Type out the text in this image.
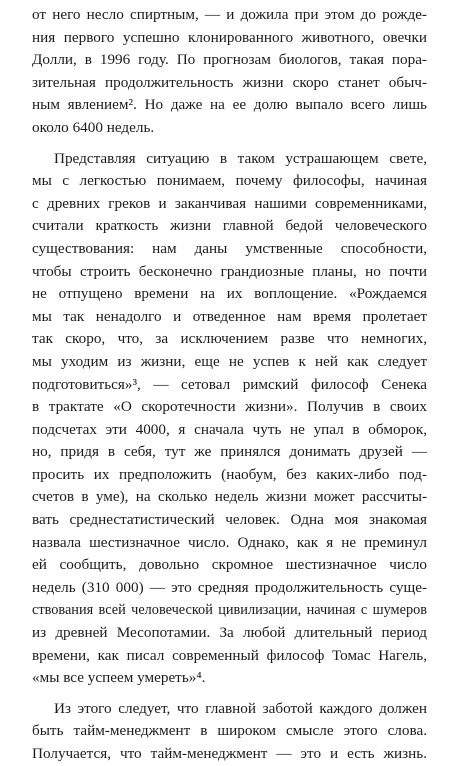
от него несло спиртным, — и дожила при этом до рожде-
ния первого успешно клонированного животного, овечки
Долли, в 1996 году. По прогнозам биологов, такая пора-
зительная продолжительность жизни скоро станет обыч-
ным явлением². Но даже на ее долю выпало всего лишь
около 6400 недель.

Представляя ситуацию в таком устрашающем свете,
мы с легкостью понимаем, почему философы, начиная
с древних греков и заканчивая нашими современниками,
считали краткость жизни главной бедой человеческого
существования: нам даны умственные способности,
чтобы строить бесконечно грандиозные планы, но почти
не отпущено времени на их воплощение. «Рождаемся
мы так ненадолго и отведенное нам время пролетает
так скоро, что, за исключением разве что немногих,
мы уходим из жизни, еще не успев к ней как следует
подготовиться»³, — сетовал римский философ Сенека
в трактате «О скоротечности жизни». Получив в своих
подсчетах эти 4000, я сначала чуть не упал в обморок,
но, придя в себя, тут же принялся донимать друзей —
просить их предположить (наобум, без каких-либо под-
счетов в уме), на сколько недель жизни может рассчиты-
вать среднестатистический человек. Одна моя знакомая
назвала шестизначное число. Однако, как я не преминул
ей сообщить, довольно скромное шестизначное число
недель (310 000) — это средняя продолжительность суще-
ствования всей человеческой цивилизации, начиная с шумеров
из древней Месопотамии. За любой длительный период
времени, как писал современный философ Томас Нагель,
«мы все успеем умереть»⁴.

Из этого следует, что главной заботой каждого должен
быть тайм-менеджмент в широком смысле этого слова.
Получается, что тайм-менеджмент — это и есть жизнь.
